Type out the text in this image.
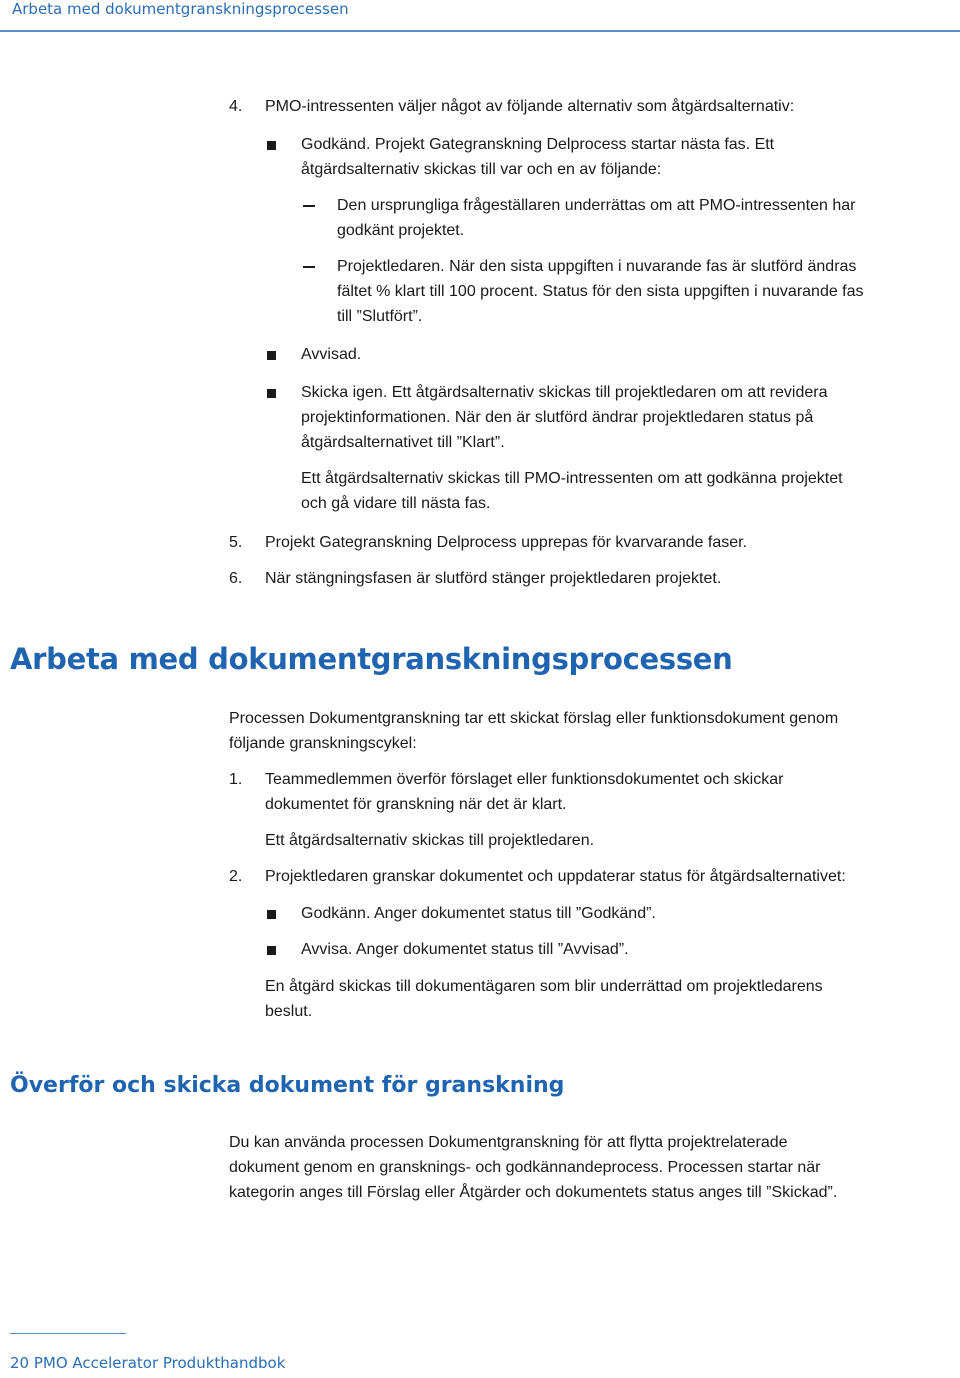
Arbeta med dokumentgranskningsprocessen
4. PMO-intressenten väljer något av följande alternativ som åtgärdsalternativ:
Godkänd. Projekt Gategranskning Delprocess startar nästa fas. Ett
åtgärdsalternativ skickas till var och en av följande:
Den ursprungliga frågeställaren underrättas om att PMO-intressenten har
godkänt projektet.
Projektledaren. När den sista uppgiften i nuvarande fas är slutförd ändras
fältet % klart till 100 procent. Status för den sista uppgiften i nuvarande fas
till ”Slutfört”.
Avvisad.
Skicka igen. Ett åtgärdsalternativ skickas till projektledaren om att revidera
projektinformationen. När den är slutförd ändrar projektledaren status på
åtgärdsalternativet till ”Klart”.
Ett åtgärdsalternativ skickas till PMO-intressenten om att godkänna projektet
och gå vidare till nästa fas.
5. Projekt Gategranskning Delprocess upprepas för kvarvarande faser.
6. När stängningsfasen är slutförd stänger projektledaren projektet.
Arbeta med dokumentgranskningsprocessen
Processen Dokumentgranskning tar ett skickat förslag eller funktionsdokument genom
följande granskningscykel:
1. Teammedlemmen överför förslaget eller funktionsdokumentet och skickar
dokumentet för granskning när det är klart.
Ett åtgärdsalternativ skickas till projektledaren.
2. Projektledaren granskar dokumentet och uppdaterar status för åtgärdsalternativet:
Godkänn. Anger dokumentet status till ”Godkänd”.
Avvisa. Anger dokumentet status till ”Avvisad”.
En åtgärd skickas till dokumentägaren som blir underrättad om projektledarens
beslut.
Överför och skicka dokument för granskning
Du kan använda processen Dokumentgranskning för att flytta projektrelaterade
dokument genom en gransknings- och godkännandeprocess. Processen startar när
kategorin anges till Förslag eller Åtgärder och dokumentets status anges till ”Skickad”.
20 PMO Accelerator Produkthandbok
